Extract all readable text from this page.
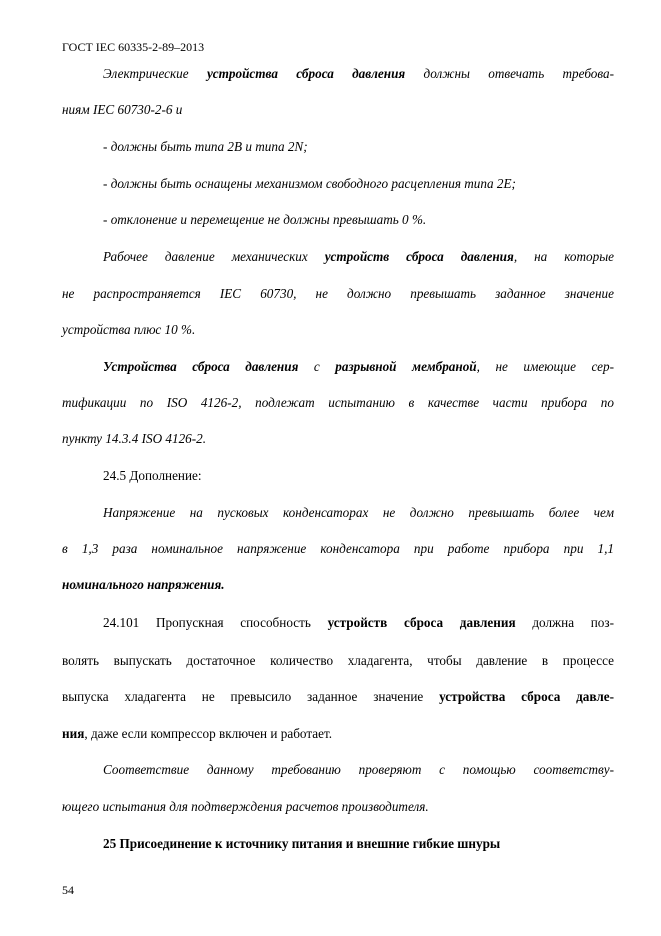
ГОСТ IEC 60335-2-89–2013
Электрические устройства сброса давления должны отвечать требова-
ниям IEC 60730-2-6 и
- должны быть типа 2B и типа 2N;
- должны быть оснащены механизмом свободного расцепления типа 2E;
- отклонение и перемещение не должны превышать 0 %.
Рабочее давление механических устройств сброса давления, на которые
не распространяется IEC 60730, не должно превышать заданное значение
устройства плюс 10 %.
Устройства сброса давления с разрывной мембраной, не имеющие сер-
тификации по ISO 4126-2, подлежат испытанию в качестве части прибора по
пункту 14.3.4 ISO 4126-2.
24.5 Дополнение:
Напряжение на пусковых конденсаторах не должно превышать более чем
в 1,3 раза номинальное напряжение конденсатора при работе прибора при 1,1
номинального напряжения.
24.101 Пропускная способность устройств сброса давления должна поз-
волять выпускать достаточное количество хладагента, чтобы давление в процессе
выпуска хладагента не превысило заданное значение устройства сброса давле-
ния, даже если компрессор включен и работает.
Соответствие данному требованию проверяют с помощью соответству-
ющего испытания для подтверждения расчетов производителя.
25 Присоединение к источнику питания и внешние гибкие шнуры
54
